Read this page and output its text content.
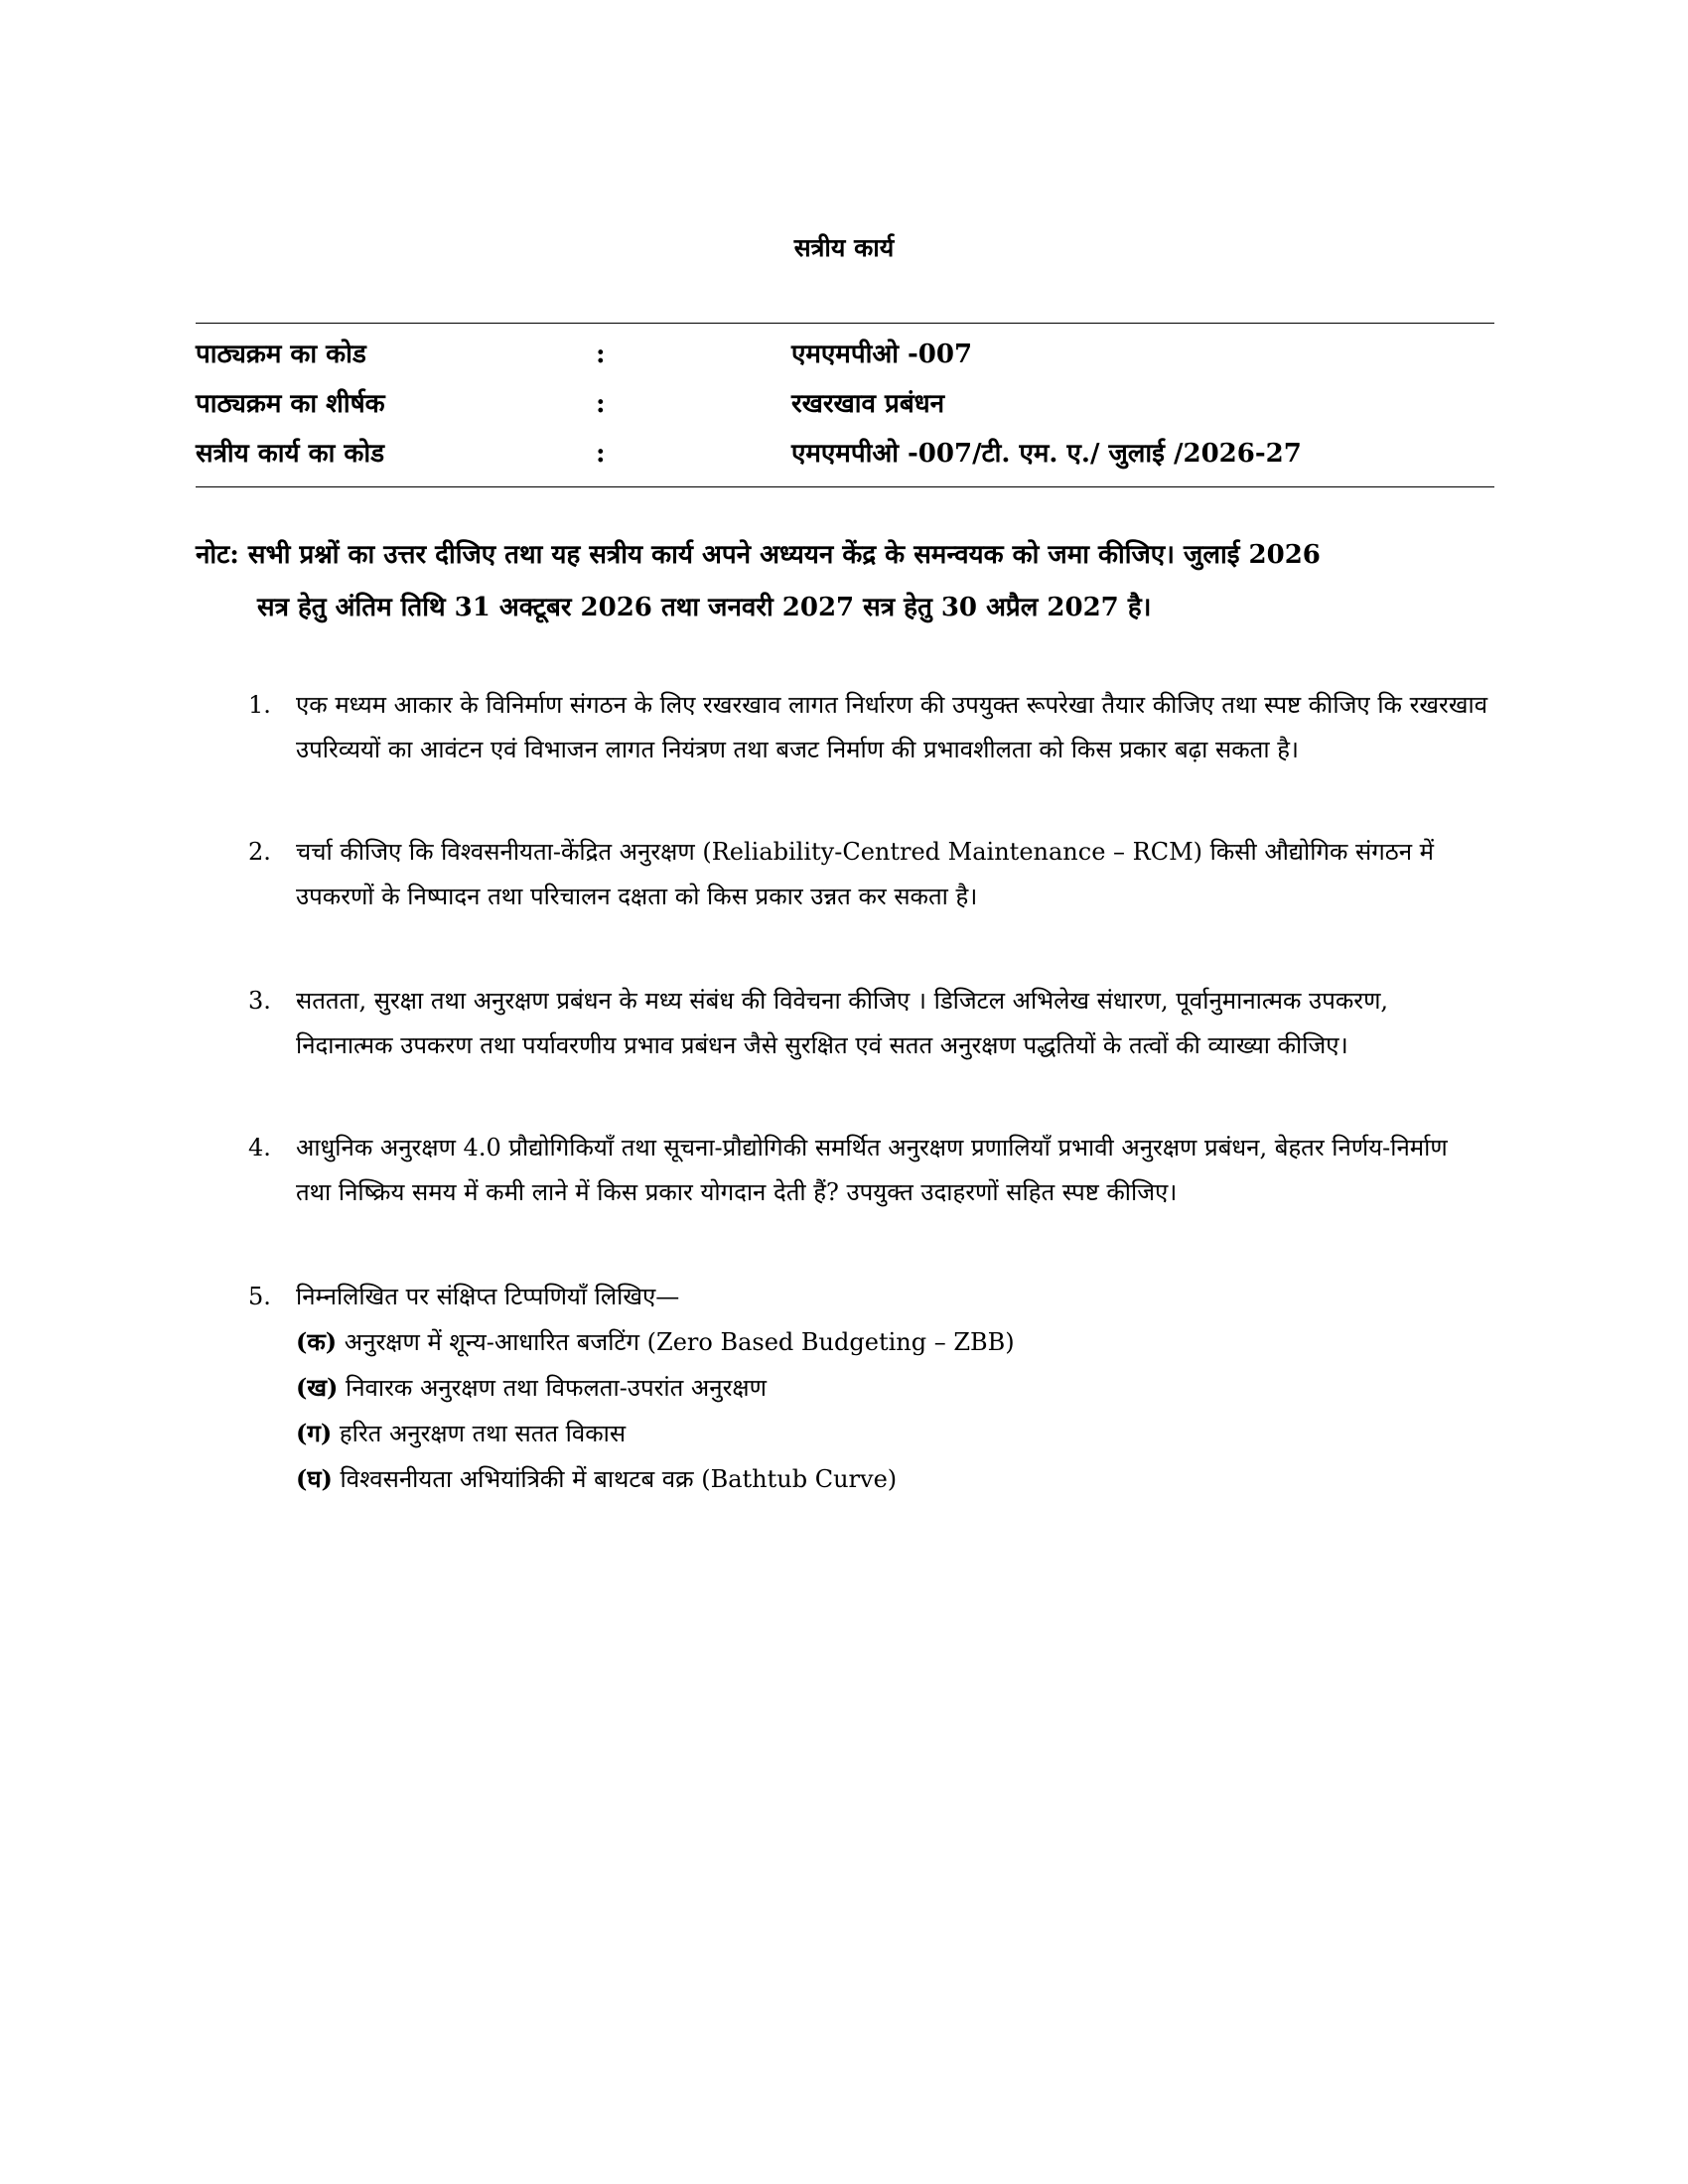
सत्रीय कार्य
पाठ्यक्रम का कोड	:	एमएमपीओ -007
पाठ्यक्रम का शीर्षक	:	रखरखाव प्रबंधन
सत्रीय कार्य का कोड	:	एमएमपीओ -007/टी. एम. ए./ जुलाई /2026-27
नोट: सभी प्रश्नों का उत्तर दीजिए तथा यह सत्रीय कार्य अपने अध्ययन केंद्र के समन्वयक को जमा कीजिए। जुलाई 2026
सत्र हेतु अंतिम तिथि 31 अक्टूबर 2026 तथा जनवरी 2027 सत्र हेतु 30 अप्रैल 2027 है।
1. एक मध्यम आकार के विनिर्माण संगठन के लिए रखरखाव लागत निर्धारण की उपयुक्त रूपरेखा तैयार कीजिए तथा स्पष्ट कीजिए कि रखरखाव उपरिव्ययों का आवंटन एवं विभाजन लागत नियंत्रण तथा बजट निर्माण की प्रभावशीलता को किस प्रकार बढ़ा सकता है।
2. चर्चा कीजिए कि विश्वसनीयता-केंद्रित अनुरक्षण (Reliability-Centred Maintenance – RCM) किसी औद्योगिक संगठन में उपकरणों के निष्पादन तथा परिचालन दक्षता को किस प्रकार उन्नत कर सकता है।
3. सततता, सुरक्षा तथा अनुरक्षण प्रबंधन के मध्य संबंध की विवेचना कीजिए । डिजिटल अभिलेख संधारण, पूर्वानुमानात्मक उपकरण, निदानात्मक उपकरण तथा पर्यावरणीय प्रभाव प्रबंधन जैसे सुरक्षित एवं सतत अनुरक्षण पद्धतियों के तत्वों की व्याख्या कीजिए।
4. आधुनिक अनुरक्षण 4.0 प्रौद्योगिकियाँ तथा सूचना-प्रौद्योगिकी समर्थित अनुरक्षण प्रणालियाँ प्रभावी अनुरक्षण प्रबंधन, बेहतर निर्णय-निर्माण तथा निष्क्रिय समय में कमी लाने में किस प्रकार योगदान देती हैं? उपयुक्त उदाहरणों सहित स्पष्ट कीजिए।
5. निम्नलिखित पर संक्षिप्त टिप्पणियाँ लिखिए—
(क) अनुरक्षण में शून्य-आधारित बजटिंग (Zero Based Budgeting – ZBB)
(ख) निवारक अनुरक्षण तथा विफलता-उपरांत अनुरक्षण
(ग) हरित अनुरक्षण तथा सतत विकास
(घ) विश्वसनीयता अभियांत्रिकी में बाथटब वक्र (Bathtub Curve)
